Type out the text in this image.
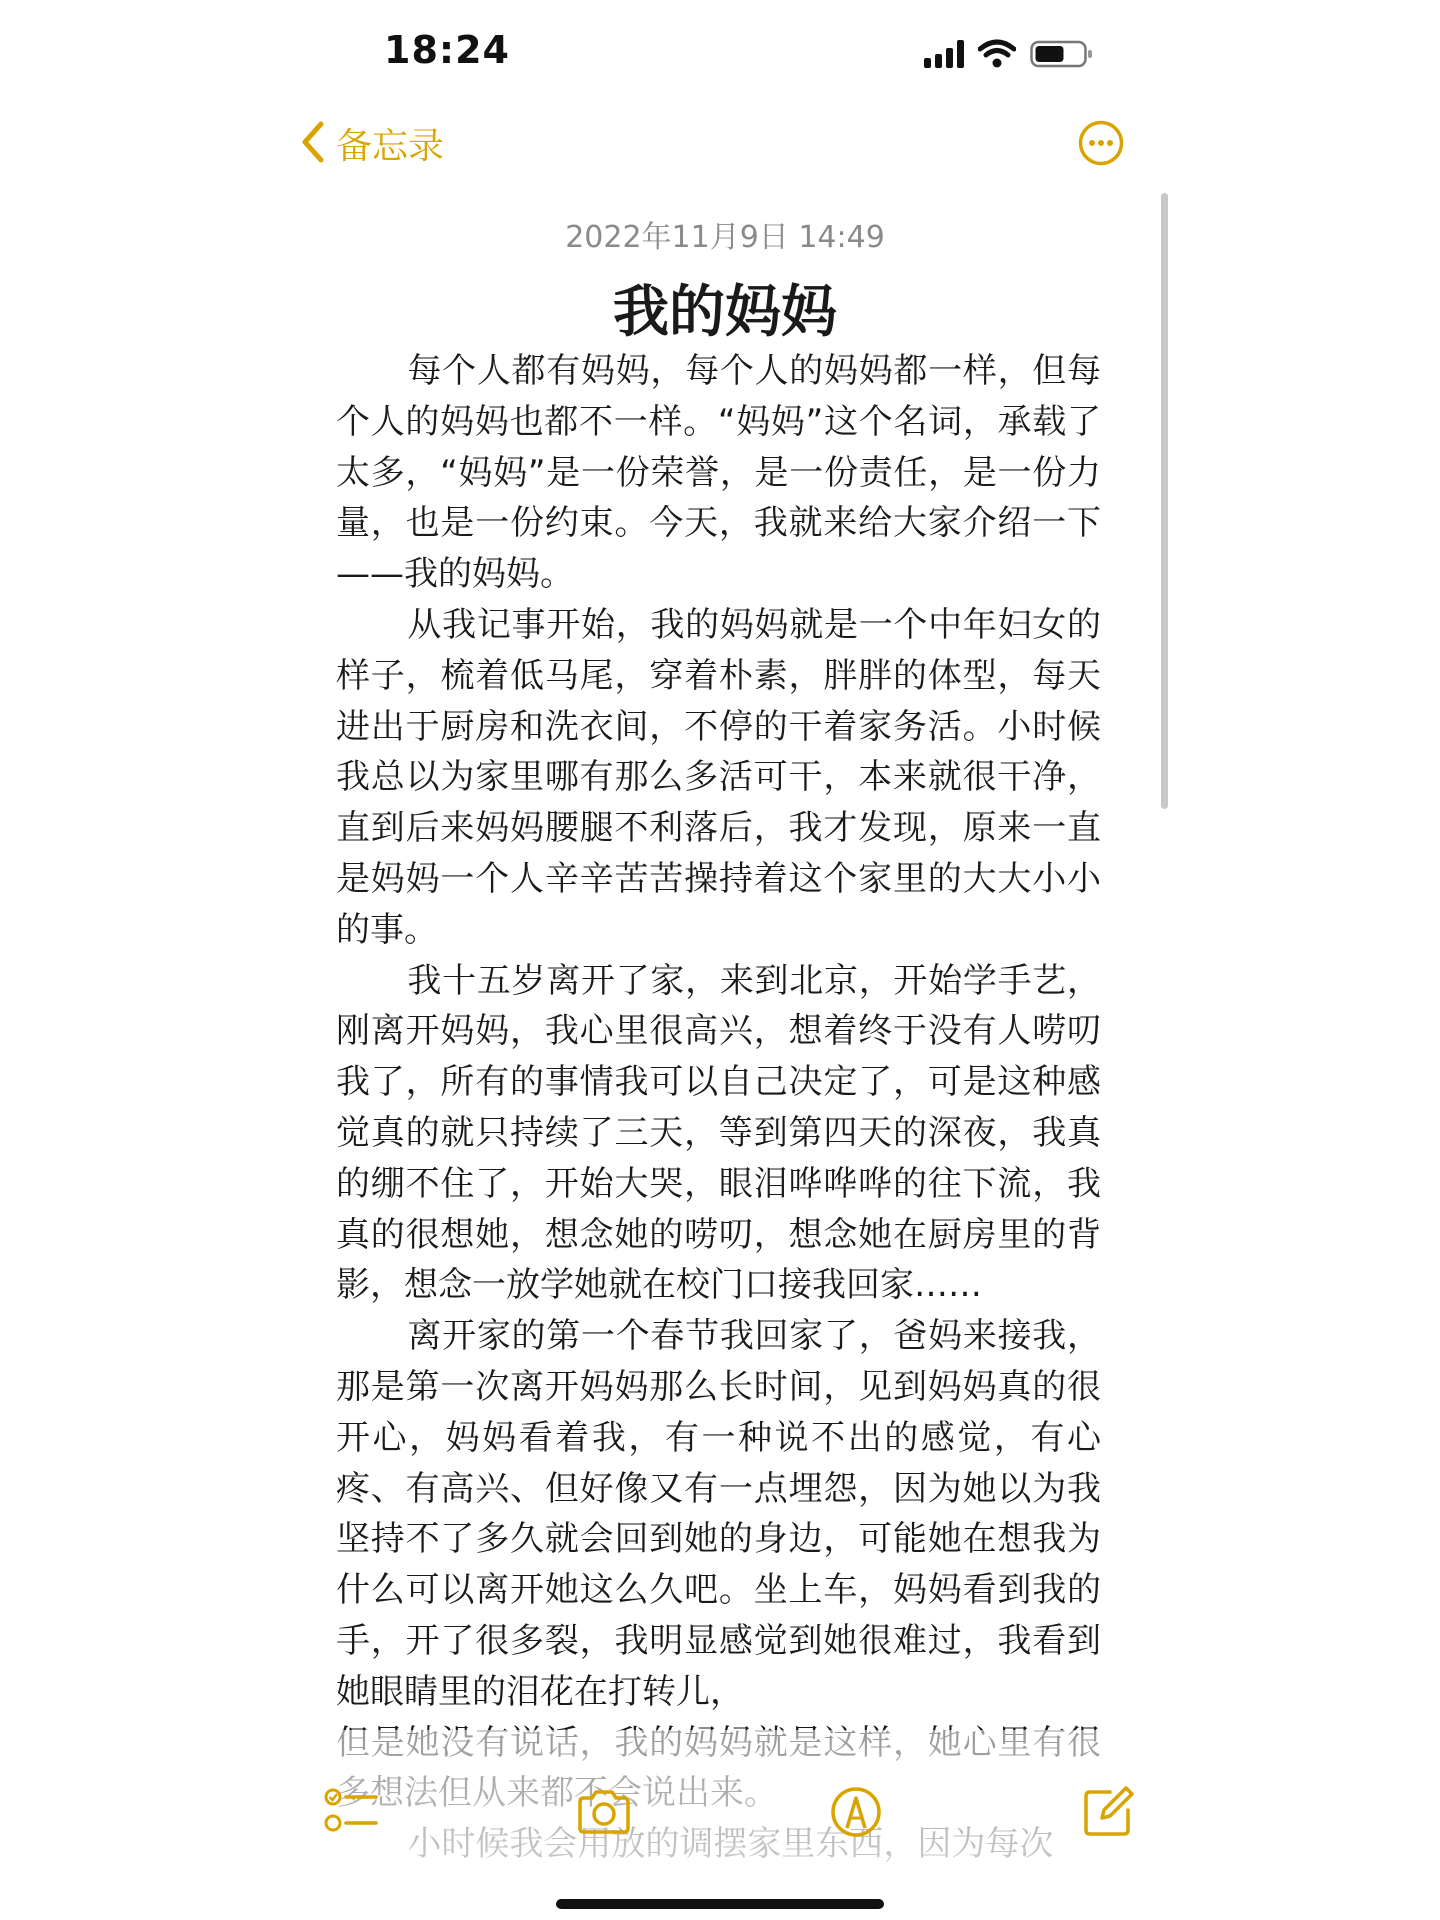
18:24
备忘录
2022年11月9日 14:49
我的妈妈

每个人都有妈妈，每个人的妈妈都一样，但每个人的妈妈也都不一样。“妈妈”这个名词，承载了太多，“妈妈”是一份荣誉，是一份责任，是一份力量，也是一份约束。今天，我就来给大家介绍一下——我的妈妈。

从我记事开始，我的妈妈就是一个中年妇女的样子，梳着低马尾，穿着朴素，胖胖的体型，每天进出于厨房和洗衣间，不停的干着家务活。小时候我总以为家里哪有那么多活可干，本来就很干净，直到后来妈妈腰腿不利落后，我才发现，原来一直是妈妈一个人辛辛苦苦操持着这个家里的大大小小的事。

我十五岁离开了家，来到北京，开始学手艺，刚离开妈妈，我心里很高兴，想着终于没有人唠叨我了，所有的事情我可以自己决定了，可是这种感觉真的就只持续了三天，等到第四天的深夜，我真的绷不住了，开始大哭，眼泪哗哗哗的往下流，我真的很想她，想念她的唠叨，想念她在厨房里的背影，想念一放学她就在校门口接我回家……

离开家的第一个春节我回家了，爸妈来接我，那是第一次离开妈妈那么长时间，见到妈妈真的很开心，妈妈看着我，有一种说不出的感觉，有心疼、有高兴、但好像又有一点埋怨，因为她以为我坚持不了多久就会回到她的身边，可能她在想我为什么可以离开她这么久吧。坐上车，妈妈看到我的手，开了很多裂，我明显感觉到她很难过，我看到她眼睛里的泪花在打转儿，
